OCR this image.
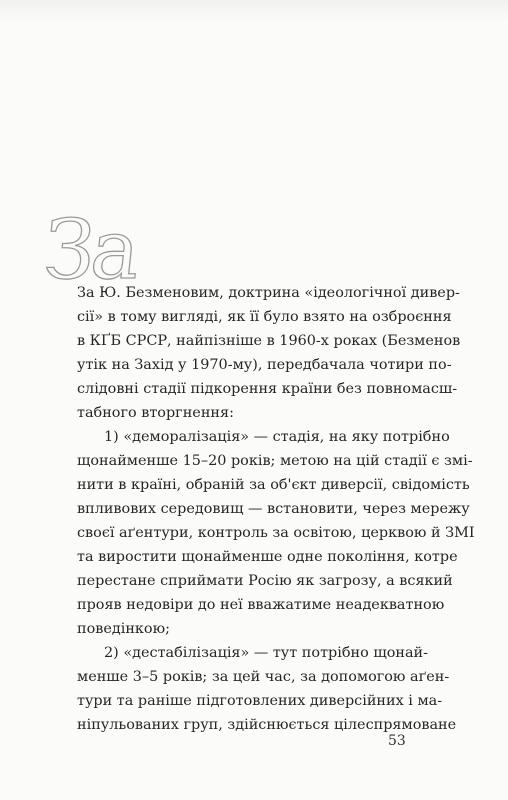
За
За Ю. Безменовим, доктрина «ідеологічної дивер-
сії» в тому вигляді, як її було взято на озброєння
в КҐБ СРСР, найпізніше в 1960-х роках (Безменов
утік на Захід у 1970-му), передбачала чотири по-
слідовні стадії підкорення країни без повномасш-
табного вторгнення:
1) «деморалізація» — стадія, на яку потрібно
щонайменше 15–20 років; метою на цій стадії є змі-
нити в країні, обраній за об'єкт диверсії, свідомість
впливових середовищ — встановити, через мережу
своєї аґентури, контроль за освітою, церквою й ЗМІ
та виростити щонайменше одне покоління, котре
перестане сприймати Росію як загрозу, а всякий
прояв недовіри до неї вважатиме неадекватною
поведінкою;
2) «дестабілізація» — тут потрібно щонай-
менше 3–5 років; за цей час, за допомогою аґен-
тури та раніше підготовлених диверсійних і ма-
ніпульованих груп, здійснюється цілеспрямоване
53
